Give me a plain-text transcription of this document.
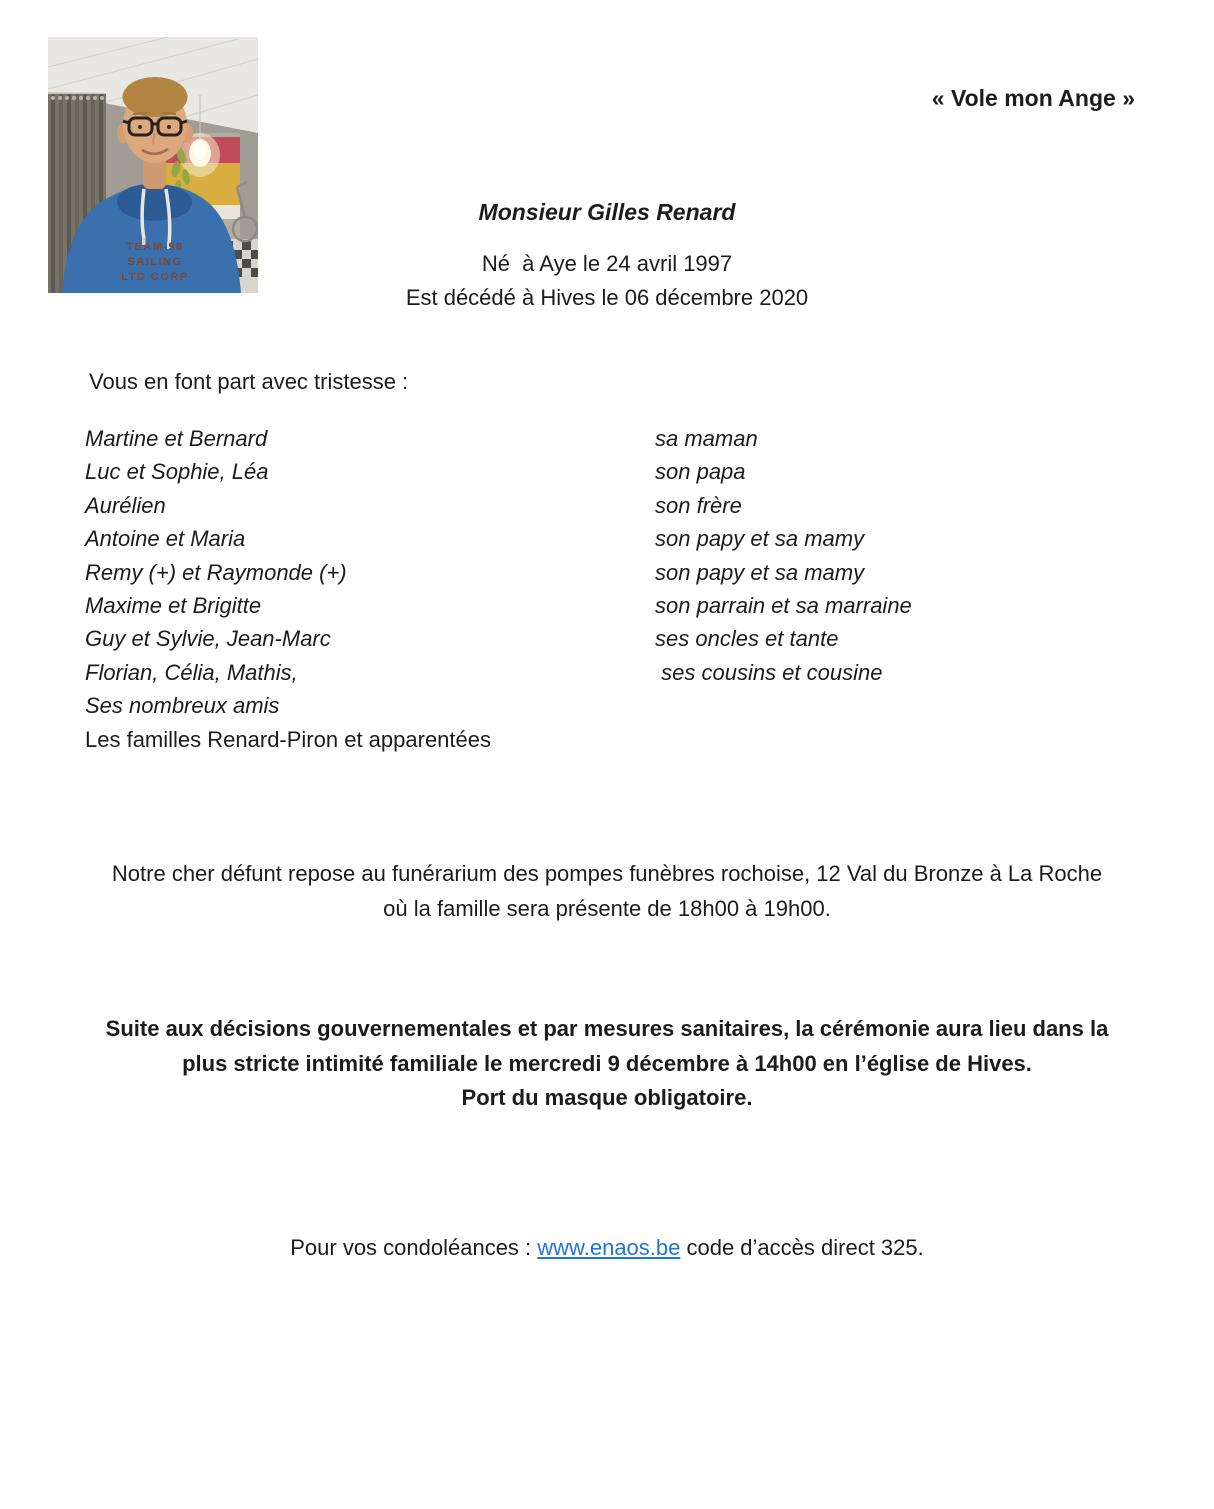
TEAM-98
SAILING
LTD CORP
« Vole mon Ange »
Monsieur Gilles Renard
Né  à Aye le 24 avril 1997
Est décédé à Hives le 06 décembre 2020
Vous en font part avec tristesse :
Martine et Bernard	sa maman
Luc et Sophie, Léa	son papa
Aurélien	son frère
Antoine et Maria	son papy et sa mamy
Remy (+) et Raymonde (+)	son papy et sa mamy
Maxime et Brigitte	son parrain et sa marraine
Guy et Sylvie, Jean-Marc	ses oncles et tante
Florian, Célia, Mathis,	ses cousins et cousine
Ses nombreux amis
Les familles Renard-Piron et apparentées
Notre cher défunt repose au funérarium des pompes funèbres rochoise, 12 Val du Bronze à La Roche
où la famille sera présente de 18h00 à 19h00.
Suite aux décisions gouvernementales et par mesures sanitaires, la cérémonie aura lieu dans la
plus stricte intimité familiale le mercredi 9 décembre à 14h00 en l’église de Hives.
Port du masque obligatoire.
Pour vos condoléances : www.enaos.be code d’accès direct 325.
